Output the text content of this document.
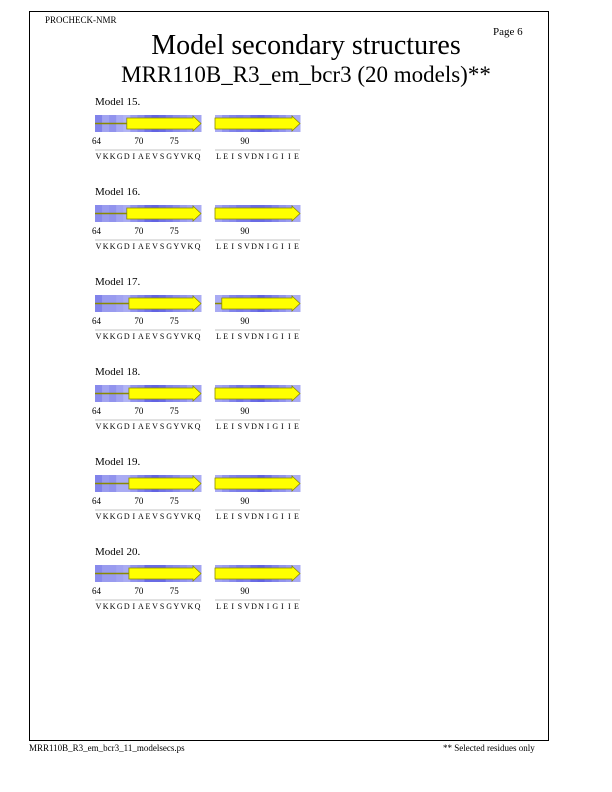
PROCHECK-NMR
Page 6
Model secondary structures
MRR110B_R3_em_bcr3 (20 models)**
Model 15.
64	70	75	90
V K K G D I A E V S G Y V K Q L E I S V D N I G I I E
Model 16.
64	70	75	90
V K K G D I A E V S G Y V K Q L E I S V D N I G I I E
Model 17.
64	70	75	90
V K K G D I A E V S G Y V K Q L E I S V D N I G I I E
Model 18.
64	70	75	90
V K K G D I A E V S G Y V K Q L E I S V D N I G I I E
Model 19.
64	70	75	90
V K K G D I A E V S G Y V K Q L E I S V D N I G I I E
Model 20.
64	70	75	90
V K K G D I A E V S G Y V K Q L E I S V D N I G I I E
MRR110B_R3_em_bcr3_11_modelsecs.ps	** Selected residues only
